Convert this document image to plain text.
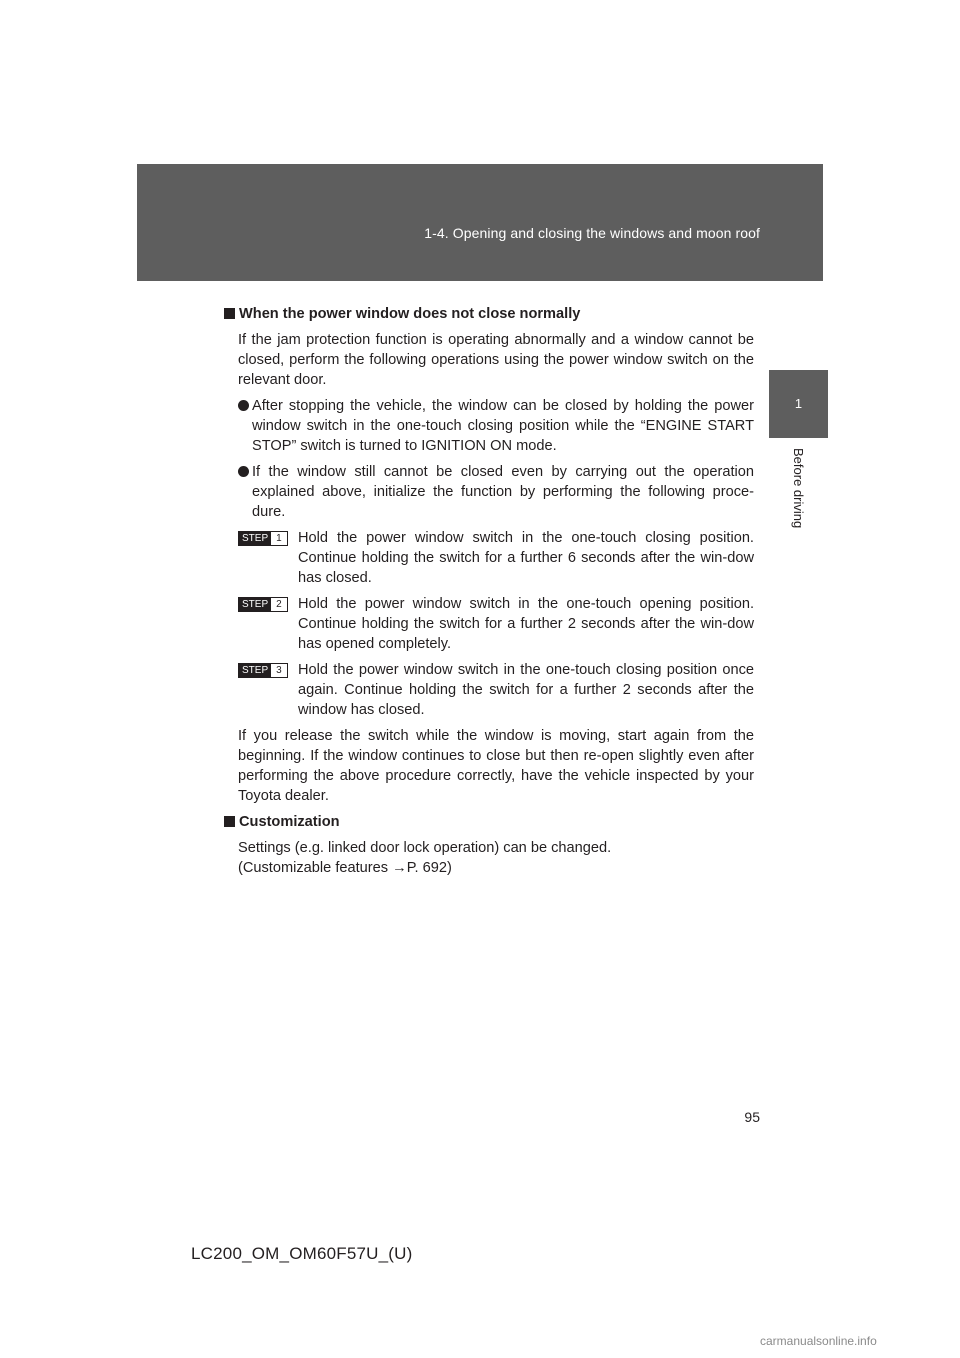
1-4. Opening and closing the windows and moon roof
1
Before driving
When the power window does not close normally

If the jam protection function is operating abnormally and a window cannot be closed, perform the following operations using the power window switch on the relevant door.

After stopping the vehicle, the window can be closed by holding the power window switch in the one-touch closing position while the “ENGINE START STOP” switch is turned to IGNITION ON mode.
If the window still cannot be closed even by carrying out the operation explained above, initialize the function by performing the following proce-dure.
STEP 1	Hold the power window switch in the one-touch closing position. Continue holding the switch for a further 6 seconds after the win-dow has closed.
STEP 2	Hold the power window switch in the one-touch opening position. Continue holding the switch for a further 2 seconds after the win-dow has opened completely.
STEP 3	Hold the power window switch in the one-touch closing position once again. Continue holding the switch for a further 2 seconds after the window has closed.

If you release the switch while the window is moving, start again from the beginning. If the window continues to close but then re-open slightly even after performing the above procedure correctly, have the vehicle inspected by your Toyota dealer.

Customization

Settings (e.g. linked door lock operation) can be changed.

(Customizable features →P. 692)

95
LC200_OM_OM60F57U_(U)
carmanualsonline.info
